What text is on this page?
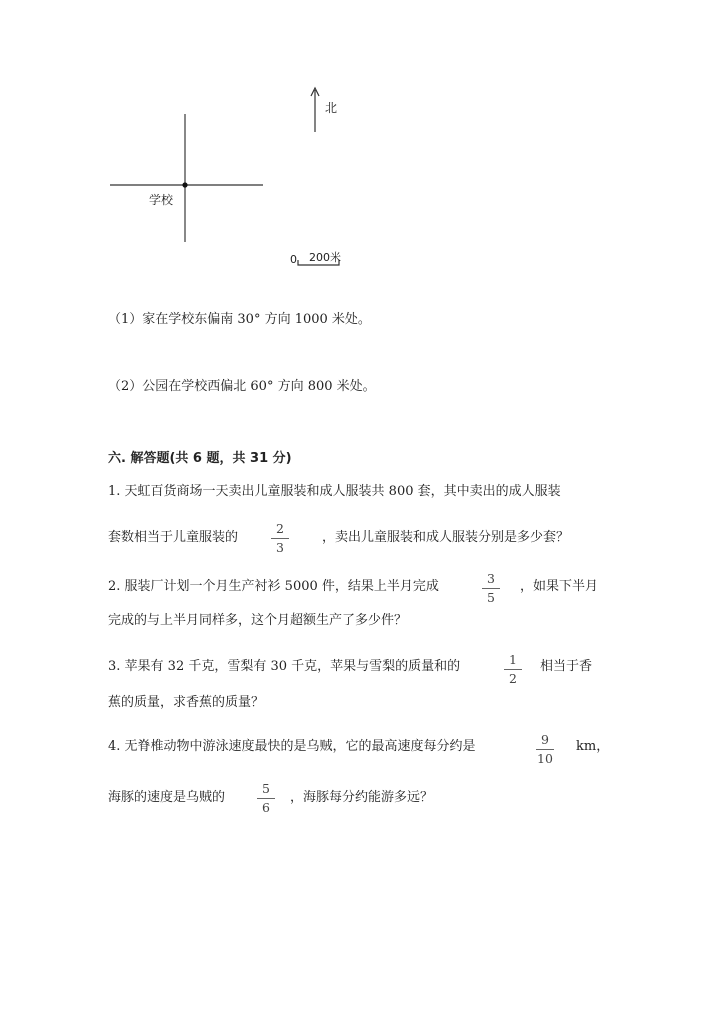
北
学校
0 200米
（1）家在学校东偏南 30° 方向 1000 米处。
（2）公园在学校西偏北 60° 方向 800 米处。
六. 解答题(共 6 题，共 31 分)
1. 天虹百货商场一天卖出儿童服装和成人服装共 800 套，其中卖出的成人服装
套数相当于儿童服装的
2
3
，卖出儿童服装和成人服装分别是多少套？
2. 服装厂计划一个月生产衬衫 5000 件，结果上半月完成
3
5
，如果下半月
完成的与上半月同样多，这个月超额生产了多少件？
3. 苹果有 32 千克，雪梨有 30 千克，苹果与雪梨的质量和的	1
2
相当于香
蕉的质量，求香蕉的质量？
4. 无脊椎动物中游泳速度最快的是乌贼，它的最高速度每分约是	9
10
km，
海豚的速度是乌贼的
5
6
，海豚每分约能游多远？
